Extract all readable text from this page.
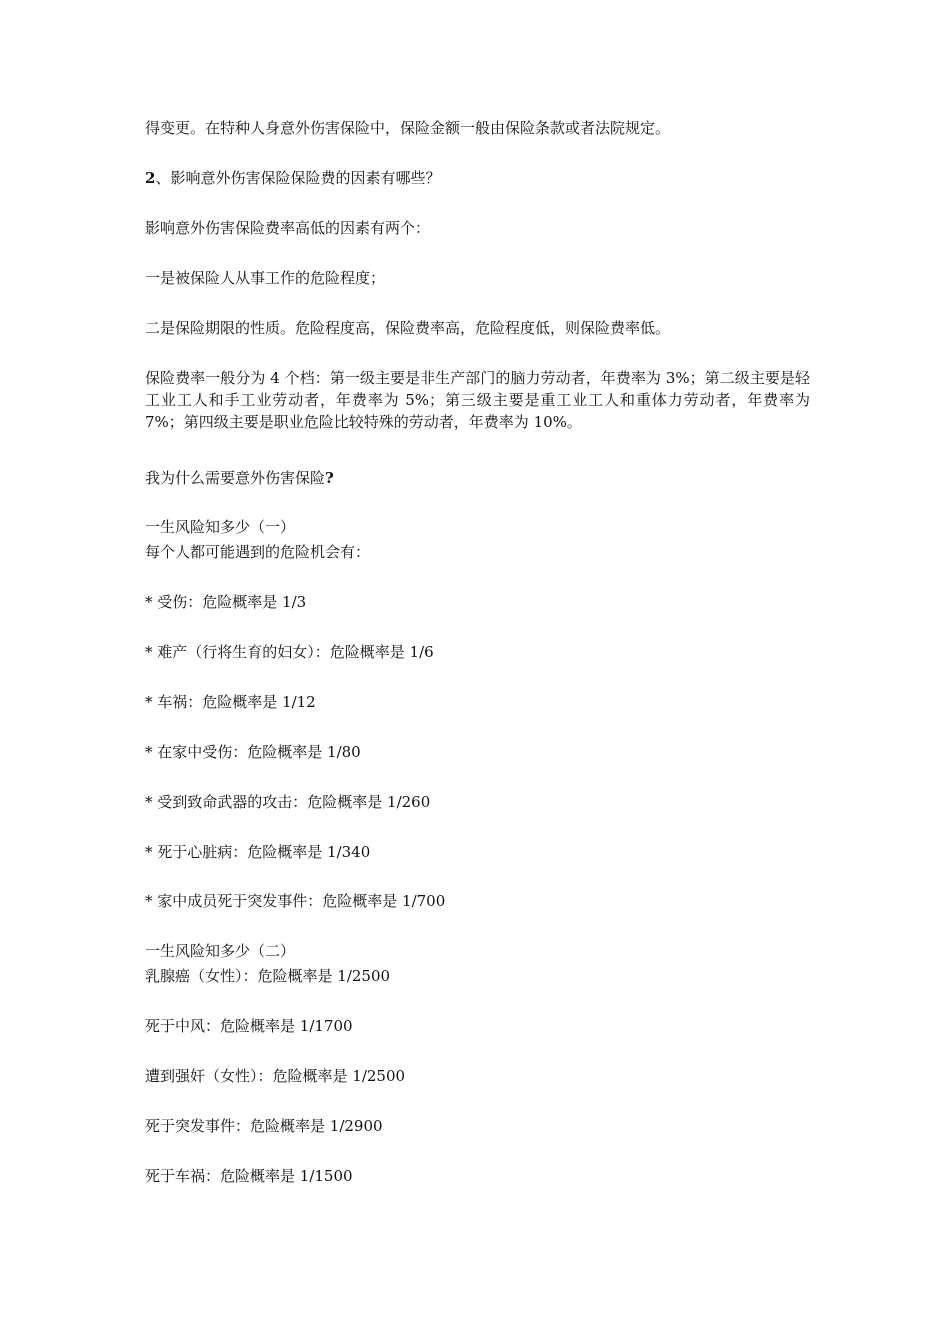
得变更。在特种人身意外伤害保险中，保险金额一般由保险条款或者法院规定。
2、影响意外伤害保险保险费的因素有哪些？
影响意外伤害保险费率高低的因素有两个：
一是被保险人从事工作的危险程度；
二是保险期限的性质。危险程度高，保险费率高，危险程度低，则保险费率低。
保险费率一般分为 4 个档：第一级主要是非生产部门的脑力劳动者，年费率为 3%；第二级主要是轻工业工人和手工业劳动者，年费率为 5%；第三级主要是重工业工人和重体力劳动者，年费率为 7%；第四级主要是职业危险比较特殊的劳动者，年费率为 10%。
我为什么需要意外伤害保险?
一生风险知多少（一）
每个人都可能遇到的危险机会有：
* 受伤：危险概率是 1/3
* 难产（行将生育的妇女）：危险概率是 1/6
* 车祸：危险概率是 1/12
* 在家中受伤：危险概率是 1/80
* 受到致命武器的攻击：危险概率是 1/260
* 死于心脏病：危险概率是 1/340
* 家中成员死于突发事件：危险概率是 1/700
一生风险知多少（二）
乳腺癌（女性）：危险概率是 1/2500
死于中风：危险概率是 1/1700
遭到强奸（女性）：危险概率是 1/2500
死于突发事件：危险概率是 1/2900
死于车祸：危险概率是 1/1500
